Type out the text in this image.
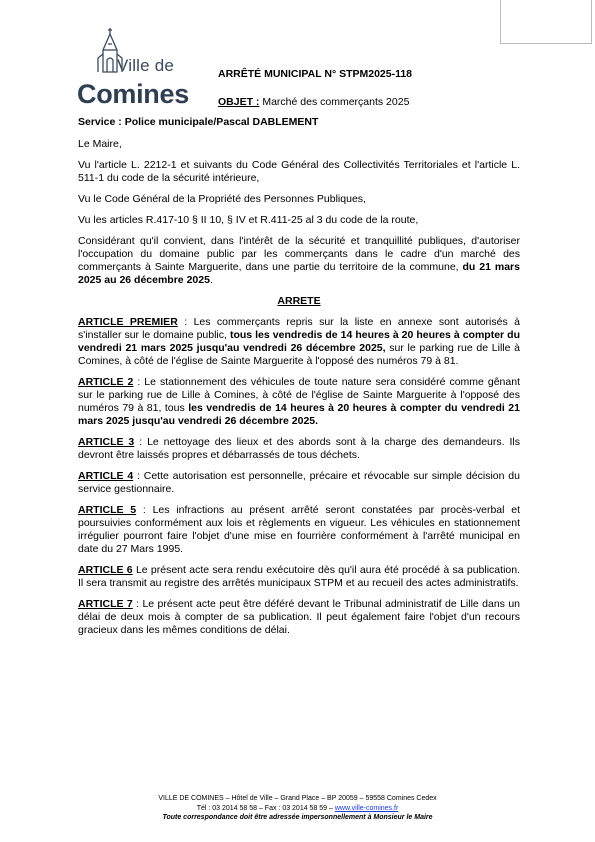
Ville de
Comines
ARRÊTÉ MUNICIPAL N° STPM2025-118
OBJET : Marché des commerçants 2025
Service : Police municipale/Pascal DABLEMENT

Le Maire,

Vu l'article L. 2212-1 et suivants du Code Général des Collectivités Territoriales et l'article L. 511-1 du code de la sécurité intérieure,

Vu le Code Général de la Propriété des Personnes Publiques,

Vu les articles R.417-10 § II 10, § IV et R.411-25 al 3 du code de la route,

Considérant qu'il convient, dans l'intérêt de la sécurité et tranquillité publiques, d'autoriser l'occupation du domaine public par les commerçants dans le cadre d'un marché des commerçants à Sainte Marguerite, dans une partie du territoire de la commune, du 21 mars 2025 au 26 décembre 2025.

ARRETE

ARTICLE PREMIER : Les commerçants repris sur la liste en annexe sont autorisés à s'installer sur le domaine public, tous les vendredis de 14 heures à 20 heures à compter du vendredi 21 mars 2025 jusqu'au vendredi 26 décembre 2025, sur le parking rue de Lille à Comines, à côté de l'église de Sainte Marguerite à l'opposé des numéros 79 à 81.

ARTICLE 2 : Le stationnement des véhicules de toute nature sera considéré comme gênant sur le parking rue de Lille à Comines, à côté de l'église de Sainte Marguerite à l'opposé des numéros 79 à 81, tous les vendredis de 14 heures à 20 heures à compter du vendredi 21 mars 2025 jusqu'au vendredi 26 décembre 2025.

ARTICLE 3 : Le nettoyage des lieux et des abords sont à la charge des demandeurs. Ils devront être laissés propres et débarrassés de tous déchets.

ARTICLE 4 : Cette autorisation est personnelle, précaire et révocable sur simple décision du service gestionnaire.

ARTICLE 5 : Les infractions au présent arrêté seront constatées par procès-verbal et poursuivies conformément aux lois et règlements en vigueur. Les véhicules en stationnement irrégulier pourront faire l'objet d'une mise en fourrière conformément à l'arrêté municipal en date du 27 Mars 1995.

ARTICLE 6 Le présent acte sera rendu exécutoire dès qu'il aura été procédé à sa publication. Il sera transmit au registre des arrêtés municipaux STPM et au recueil des actes administratifs.

ARTICLE 7 : Le présent acte peut être déféré devant le Tribunal administratif de Lille dans un délai de deux mois à compter de sa publication. Il peut également faire l'objet d'un recours gracieux dans les mêmes conditions de délai.

VILLE DE COMINES – Hôtel de Ville – Grand Place – BP 20059 – 59558 Comines Cedex
Tél : 03 2014 58 58 – Fax : 03 2014 58 59 – www.ville-comines.fr
Toute correspondance doit être adressée impersonnellement à Monsieur le Maire
